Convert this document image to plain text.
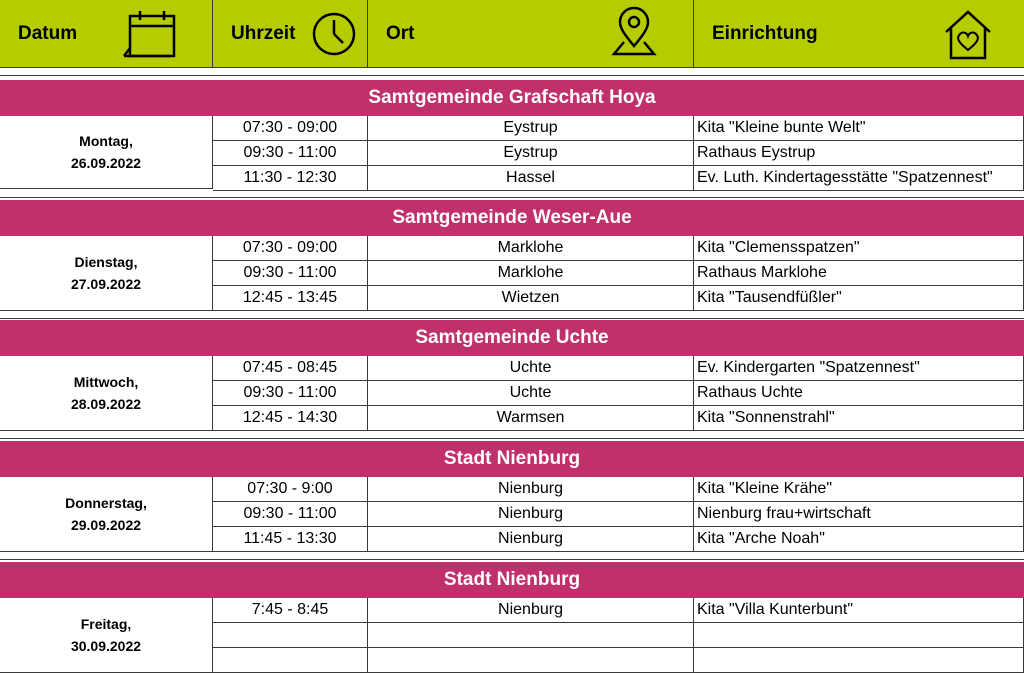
Datum	Uhrzeit	Ort	Einrichtung
Samtgemeinde Grafschaft Hoya
Montag,
26.09.2022
07:30 - 09:00	Eystrup	Kita "Kleine bunte Welt"
09:30 - 11:00	Eystrup	Rathaus Eystrup
11:30 - 12:30	Hassel	Ev. Luth. Kindertagesstätte "Spatzennest"
Samtgemeinde Weser-Aue
Dienstag,
27.09.2022
07:30 - 09:00	Marklohe	Kita "Clemensspatzen"
09:30 - 11:00	Marklohe	Rathaus Marklohe
12:45 - 13:45	Wietzen	Kita "Tausendfüßler"
Samtgemeinde Uchte
Mittwoch,
28.09.2022
07:45 - 08:45	Uchte	Ev. Kindergarten "Spatzennest"
09:30 - 11:00	Uchte	Rathaus Uchte
12:45 - 14:30	Warmsen	Kita "Sonnenstrahl"
Stadt Nienburg
Donnerstag,
29.09.2022
07:30 - 9:00	Nienburg	Kita "Kleine Krähe"
09:30 - 11:00	Nienburg	Nienburg frau+wirtschaft
11:45 - 13:30	Nienburg	Kita "Arche Noah"
Stadt Nienburg
Freitag,
30.09.2022
7:45 - 8:45	Nienburg	Kita "Villa Kunterbunt"
